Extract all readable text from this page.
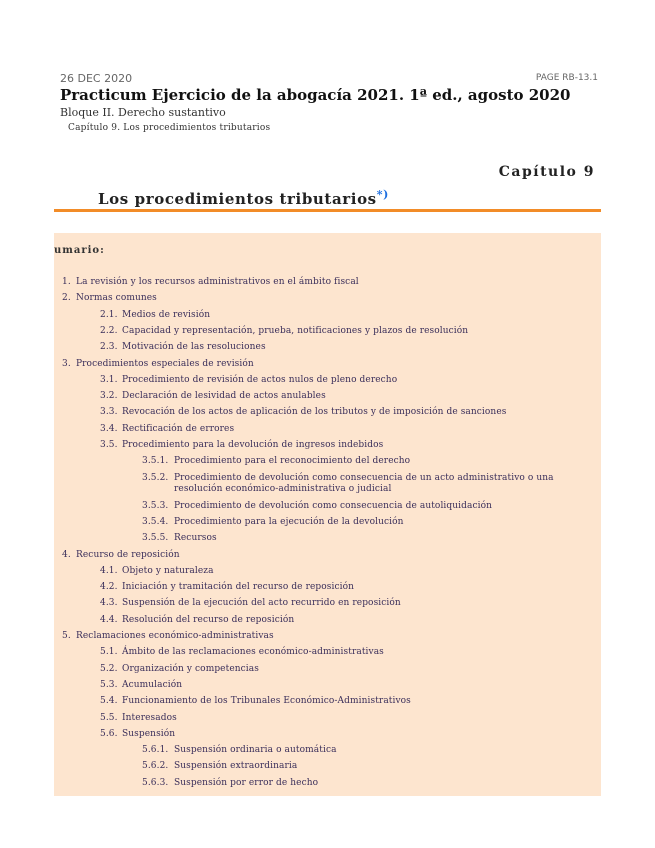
26 DEC 2020	PAGE RB-13.1
Practicum Ejercicio de la abogacía 2021. 1ª ed., agosto 2020
Bloque II. Derecho sustantivo
Capítulo 9. Los procedimientos tributarios
Capítulo 9
Los procedimientos tributarios*)
umario:
1. La revisión y los recursos administrativos en el ámbito fiscal
2. Normas comunes
2.1. Medios de revisión
2.2. Capacidad y representación, prueba, notificaciones y plazos de resolución
2.3. Motivación de las resoluciones
3. Procedimientos especiales de revisión
3.1. Procedimiento de revisión de actos nulos de pleno derecho
3.2. Declaración de lesividad de actos anulables
3.3. Revocación de los actos de aplicación de los tributos y de imposición de sanciones
3.4. Rectificación de errores
3.5. Procedimiento para la devolución de ingresos indebidos
3.5.1. Procedimiento para el reconocimiento del derecho
3.5.2. Procedimiento de devolución como consecuencia de un acto administrativo o una resolución económico-administrativa o judicial
3.5.3. Procedimiento de devolución como consecuencia de autoliquidación
3.5.4. Procedimiento para la ejecución de la devolución
3.5.5. Recursos
4. Recurso de reposición
4.1. Objeto y naturaleza
4.2. Iniciación y tramitación del recurso de reposición
4.3. Suspensión de la ejecución del acto recurrido en reposición
4.4. Resolución del recurso de reposición
5. Reclamaciones económico-administrativas
5.1. Ámbito de las reclamaciones económico-administrativas
5.2. Organización y competencias
5.3. Acumulación
5.4. Funcionamiento de los Tribunales Económico-Administrativos
5.5. Interesados
5.6. Suspensión
5.6.1. Suspensión ordinaria o automática
5.6.2. Suspensión extraordinaria
5.6.3. Suspensión por error de hecho
